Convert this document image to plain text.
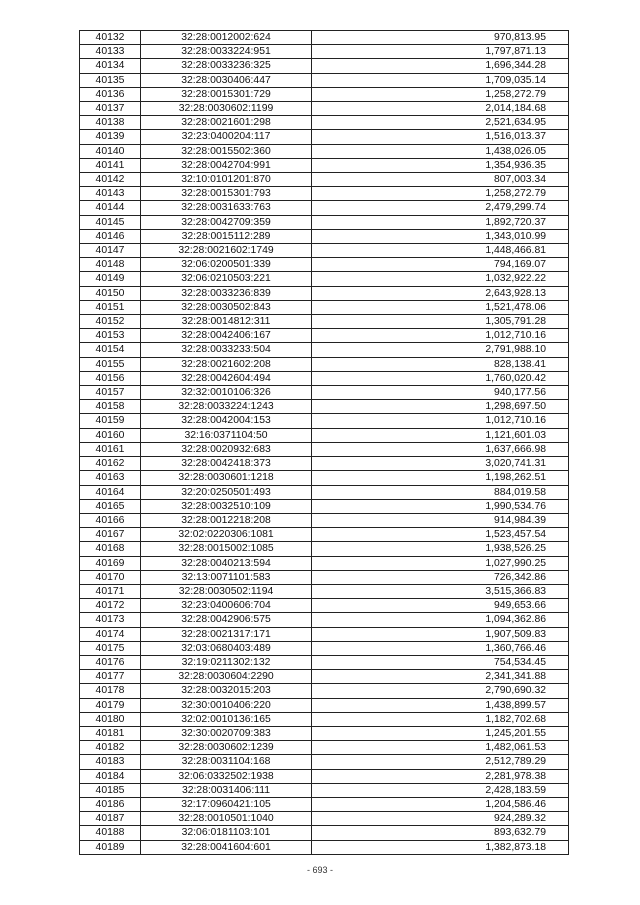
40132	32:28:0012002:624	970,813.95
40133	32:28:0033224:951	1,797,871.13
40134	32:28:0033236:325	1,696,344.28
40135	32:28:0030406:447	1,709,035.14
40136	32:28:0015301:729	1,258,272.79
40137	32:28:0030602:1199	2,014,184.68
40138	32:28:0021601:298	2,521,634.95
40139	32:23:0400204:117	1,516,013.37
40140	32:28:0015502:360	1,438,026.05
40141	32:28:0042704:991	1,354,936.35
40142	32:10:0101201:870	807,003.34
40143	32:28:0015301:793	1,258,272.79
40144	32:28:0031633:763	2,479,299.74
40145	32:28:0042709:359	1,892,720.37
40146	32:28:0015112:289	1,343,010.99
40147	32:28:0021602:1749	1,448,466.81
40148	32:06:0200501:339	794,169.07
40149	32:06:0210503:221	1,032,922.22
40150	32:28:0033236:839	2,643,928.13
40151	32:28:0030502:843	1,521,478.06
40152	32:28:0014812:311	1,305,791.28
40153	32:28:0042406:167	1,012,710.16
40154	32:28:0033233:504	2,791,988.10
40155	32:28:0021602:208	828,138.41
40156	32:28:0042604:494	1,760,020.42
40157	32:32:0010106:326	940,177.56
40158	32:28:0033224:1243	1,298,697.50
40159	32:28:0042004:153	1,012,710.16
40160	32:16:0371104:50	1,121,601.03
40161	32:28:0020932:683	1,637,666.98
40162	32:28:0042418:373	3,020,741.31
40163	32:28:0030601:1218	1,198,262.51
40164	32:20:0250501:493	884,019.58
40165	32:28:0032510:109	1,990,534.76
40166	32:28:0012218:208	914,984.39
40167	32:02:0220306:1081	1,523,457.54
40168	32:28:0015002:1085	1,938,526.25
40169	32:28:0040213:594	1,027,990.25
40170	32:13:0071101:583	726,342.86
40171	32:28:0030502:1194	3,515,366.83
40172	32:23:0400606:704	949,653.66
40173	32:28:0042906:575	1,094,362.86
40174	32:28:0021317:171	1,907,509.83
40175	32:03:0680403:489	1,360,766.46
40176	32:19:0211302:132	754,534.45
40177	32:28:0030604:2290	2,341,341.88
40178	32:28:0032015:203	2,790,690.32
40179	32:30:0010406:220	1,438,899.57
40180	32:02:0010136:165	1,182,702.68
40181	32:30:0020709:383	1,245,201.55
40182	32:28:0030602:1239	1,482,061.53
40183	32:28:0031104:168	2,512,789.29
40184	32:06:0332502:1938	2,281,978.38
40185	32:28:0031406:111	2,428,183.59
40186	32:17:0960421:105	1,204,586.46
40187	32:28:0010501:1040	924,289.32
40188	32:06:0181103:101	893,632.79
40189	32:28:0041604:601	1,382,873.18
- 693 -
